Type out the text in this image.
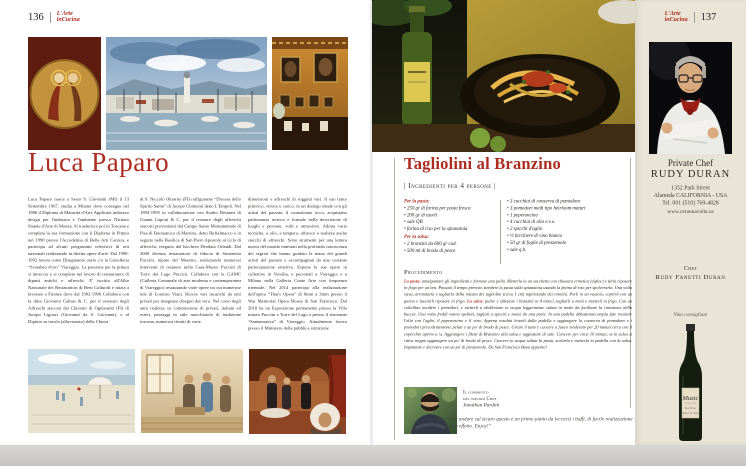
136 L'Arte
inCucina
Luca Paparo
Luca Paparo nasce a Sesto S. Giovanni (MI) il 13 Settembre 1967, studia a Milano dove consegue nel 1986 il Diploma di Maturità d'Arte Applicata indirizzo design per l'industria e l'ambiente presso l'Istituto Statale d'Arte di Monza. Si trasferisce poi in Toscana e completa la sua formazione con il Diploma in Pittura nel 1990 presso l'Accademia di Belle Arti Carrara, e partecipa ad alcuni programmi televisivi di reti nazionali realizzando in diretta opere d'arte. Dal 1990-1992 lavora come Disegnatore orafo c/o la Gioielleria “Scarabeo d'oro” Viareggio. La passione per la pittura si intreccia e si completa nel lavoro di restauratore di dipinti antichi e affreschi. E' iscritto all'Albo Nazionale dei Restauratori di Beni Culturali e inizia a lavorare a Firenze dove dal 1992-1996 Collabora con la ditta Giovanni Cabras & C. per il restauro degli Affreschi staccati dal Chiostro di Ognissanti (FI) di Jacopo Ligozzi (Giovanni da S. Giovanni), e al Dipinto su tavola (alluvionato) della Chiesa
di S. Niccolò Oltrarno (FI) raffigurante “Discesa dello Spirito Santo” di Jacopo Chimenti detto L'Empoli. Nel 1994-1995 in collaborazione con Studio Restauri di Gianni Caponi & C. per il restauro degli affreschi staccati provenienti dal Campo Santo Monumentale di Pisa di Buonamico di Martino, detto Buffalmacco e in seguito nella Basilica di San Piero Apostolo al ciclo di affreschi, eseguito dal lucchese Deodato Orlandi. Dal 2000 diventa restauratore di fiducia di Simonetta Puccini, nipote del Maestro, realizzando numerosi interventi di restauro nella Casa-Museo Puccini di Torre del Lago Puccini. Collabora con la GAMC (Galleria Comunale di arte moderna e contemporanea di Viareggio) restaurando varie opere tra cui numerose tele di Lorenzo Viani. Riceve vari incarichi da enti privati per insegnare disegno dal vero. Nel corso degli anni realizza su commissione di privati, italiani ed esteri, paesaggi in stile macchiaiolo di tradizione toscana, numerosi ritratti di varie
dimensioni e affreschi di soggetti vari. Il suo tratto pittorico, veloce e carico, in un dialogo ideale con gli artisti del passato, il cromatismo ricco, acquistano padronanza tecnica e formale nella descrizione di luoghi e persone, volti e atmosfere. Adotta varie tecniche, a olio, a tempera, affresco e realizza anche stacchi di affreschi. Sono strumenti per una lettura nuova del mondo innestati nella profonda conoscenza dei segreti che hanno guidato la mano dei grandi artisti del passato e accompagnati da una costante partecipazione emotiva. Espone le sue opere in collettive in Versilia, e personali a Viareggio e a Milano nella Galleria Conte Arte con frequenza triennale. Nel 2014 partecipa alla realizzazione dell'opera “That's Opera” di 6mm a 3mm presso il War Memorial Opera House di San Francisco. Dal 2010 ha un Esposizione permanente presso la Villa museo Puccini a Torre del Lago e presso il ristorante “Santamonica” di Viareggio. Attualmente lavora presso il Ministero della pubblica istruzione
Tagliolini al Branzino
| Ingredienti per 4 persone |
Per la pasta:
• 250 gr di farina per pasta fresca
• 200 gr di tuorli
• sale QB
• farina di riso per la spianatoia
Per la salsa:
• 2 branzini da 600 gr cad.
• 500 ml di brodo di pesce
• 3 cucchiai di conserva di pomodoro
• 3 pomodori medi tipo heirloom maturi
• 1 peperoncino
• 4 cucchiai di olio e.v.o.
• 2 spicchi d'aglio
• ½ bicchiere di vino bianco
• 50 gr di foglie di prezzemolo
• sale q.b.
Procedimento
La pasta: amalgamare gli ingredienti e formare una palla. Metterla in un sacchetto con chiusura ermetica (ziploc) e farla riposare in frigo per un'ora. Passato il tempo previsto stendere la pasta sulla spianatoia usando la farina di riso per spolverarla. Una volta stesa, arrotolarla e tagliarla della misura dei tagliolini (circa 1 cm) infarinando dei rotolini. Porli in un vassoio, coprirli con un panno e lasciarli riposare in frigo. La salsa: pulire e sfilettare i branzini in 4 tranci, tagliarli a metà e metterli in frigo. Con un coltellino incidere i pomodori, e metterli a sbollentare in acqua leggermente salata in modo da facilitare la rimozione della buccia. Una volta freddi vanno spellati, tagliati a spicchi e messi da una parte. In una padella abbastanza ampia fate rosolare l'olio con l'aglio, il peperoncino e il vino. Appena rosolati levarli dalla padella e aggiungere la conserva di pomodoro e i pomodori precedentemente pelati e un po' di brodo di pesce. Girare il tutto e cuocere a fuoco moderato per 20 minuti circa con il coperchio aperto a ¼. Aggiungere i filetti di Branzino alla salsa e aggiustare di sale. Cuocere per circa 10 minuti, se la salsa si ritira troppo aggiungere un po' di brodo di pesce. Cuocere in acqua salata la pasta, scolarla e metterla in padella con la salsa. Impiattare e decorare con un po' di prezzemolo. Da San Francisco Buon appetito!
Il commento
del nostro Chef
Jonathan Pardini
“Se volete andare sul sicuro questo è un primo piatto da leccarsi i baffi, di facile realizzazione e di sicuro effetto. Enjoy!”
L'Arte
inCucina	137
Private Chef
RUDY DURAN
1352 Park Street
Alameda CALIFORNIA - USA
Tel. 001 (510) 769-4828
www.ceraunavolta.us
Chef
Rudy Fanetti Duran
Vino consigliato
Muzic
Collio
Pinot Grigio
